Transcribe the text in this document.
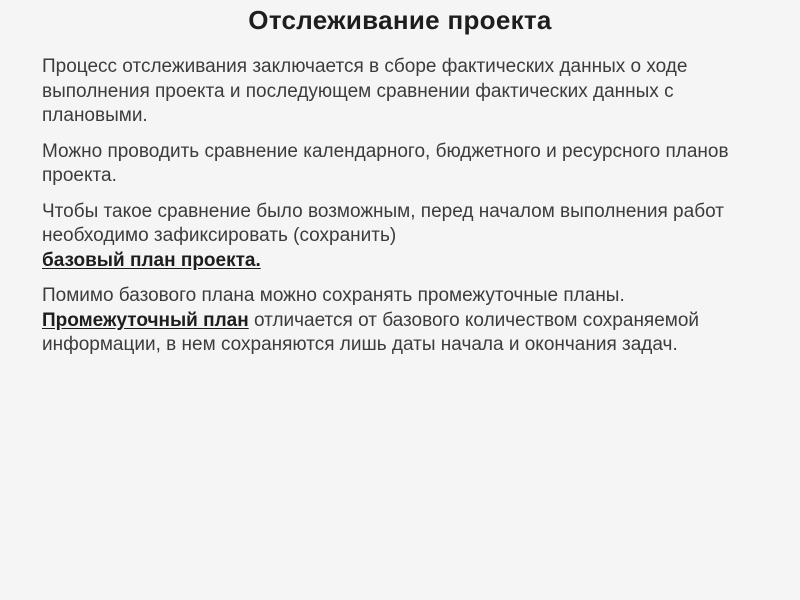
Отслеживание проекта

Процесс отслеживания заключается в сборе фактических данных о ходе выполнения проекта и последующем сравнении фактических данных с плановыми.

Можно проводить сравнение календарного, бюджетного и ресурсного планов проекта.

Чтобы такое сравнение было возможным, перед началом выполнения работ необходимо зафиксировать (сохранить)
базовый план проекта.

Помимо базового плана можно сохранять промежуточные планы.
Промежуточный план отличается от базового количеством сохраняемой информации, в нем сохраняются лишь даты начала и окончания задач.
